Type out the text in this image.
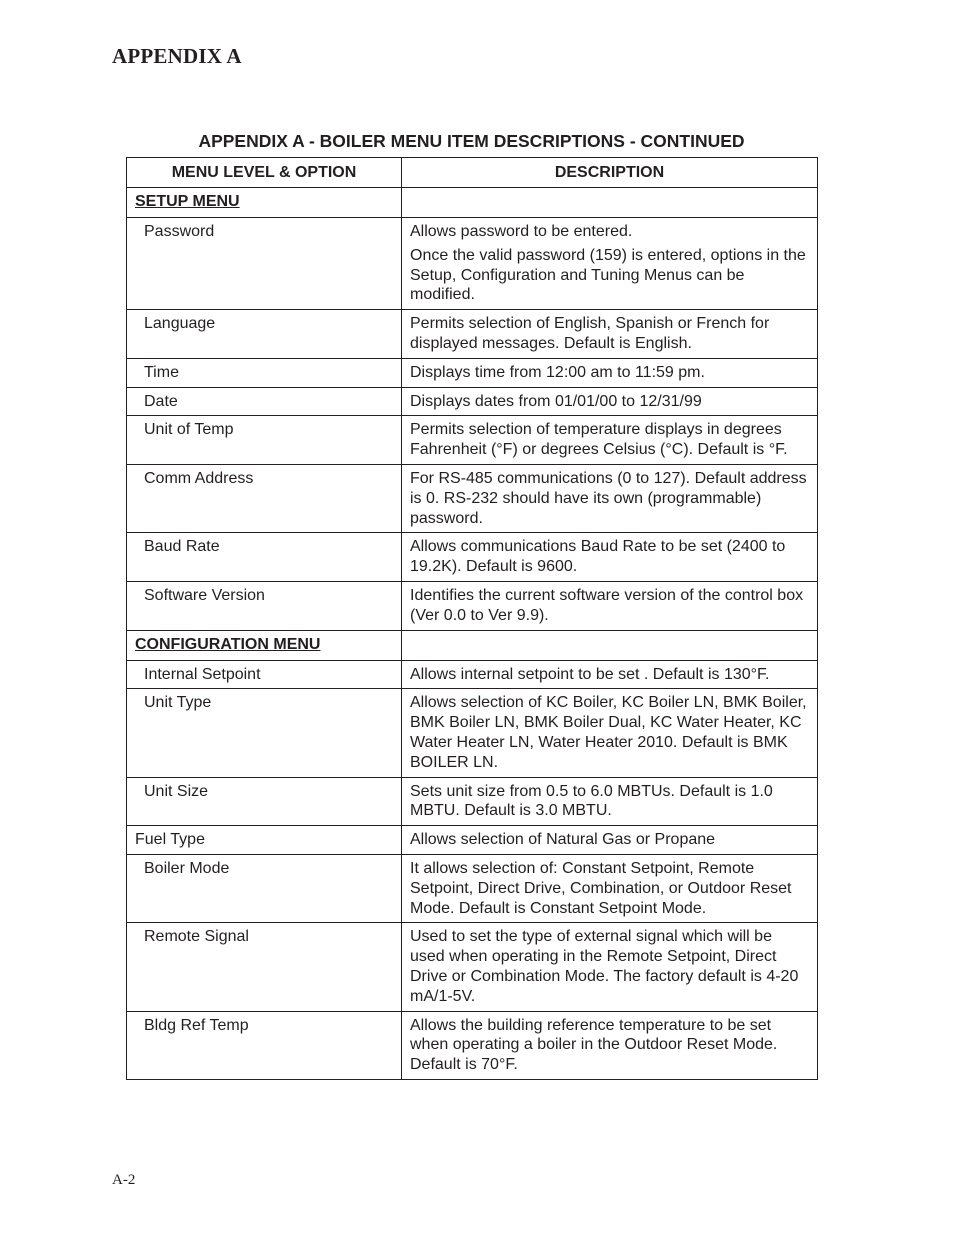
APPENDIX A
APPENDIX A - BOILER MENU ITEM DESCRIPTIONS - CONTINUED
MENU LEVEL & OPTION	DESCRIPTION
SETUP MENU	
Password	Allows password to be entered.

Once the valid password (159) is entered, options in the Setup, Configuration and Tuning Menus can be modified.

Language	Permits selection of English, Spanish or French for displayed messages. Default is English.

Time	Displays time from 12:00 am to 11:59 pm.

Date	Displays dates from 01/01/00 to 12/31/99

Unit of Temp	Permits selection of temperature displays in degrees Fahrenheit (°F) or degrees Celsius (°C). Default is °F.

Comm Address	For RS-485 communications (0 to 127). Default address is 0. RS-232 should have its own (programmable) password.

Baud Rate	Allows communications Baud Rate to be set (2400 to 19.2K). Default is 9600.

Software Version	Identifies the current software version of the control box (Ver 0.0 to Ver 9.9).

CONFIGURATION MENU	
Internal Setpoint	Allows internal setpoint to be set . Default is 130°F.

Unit Type	Allows selection of KC Boiler, KC Boiler LN, BMK Boiler, BMK Boiler LN, BMK Boiler Dual, KC Water Heater, KC Water Heater LN, Water Heater 2010. Default is BMK BOILER LN.

Unit Size	Sets unit size from 0.5 to 6.0 MBTUs. Default is 1.0 MBTU. Default is 3.0 MBTU.

Fuel Type	Allows selection of Natural Gas or Propane

Boiler Mode	It allows selection of: Constant Setpoint, Remote Setpoint, Direct Drive, Combination, or Outdoor Reset Mode. Default is Constant Setpoint Mode.

Remote Signal	Used to set the type of external signal which will be used when operating in the Remote Setpoint, Direct Drive or Combination Mode. The factory default is 4-20 mA/1-5V.

Bldg Ref Temp	Allows the building reference temperature to be set when operating a boiler in the Outdoor Reset Mode. Default is 70°F.

A-2
